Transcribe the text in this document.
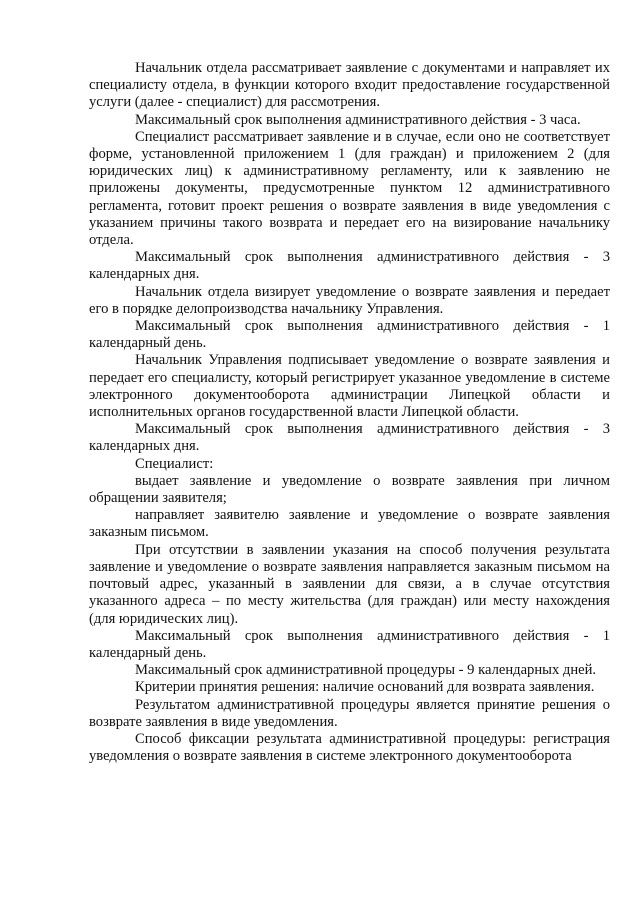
Начальник отдела рассматривает заявление с документами и направляет их специалисту отдела, в функции которого входит предоставление государственной услуги (далее - специалист) для рассмотрения.

Максимальный срок выполнения административного действия - 3 часа.

Специалист рассматривает заявление и в случае, если оно не соответствует форме, установленной приложением 1 (для граждан) и приложением 2 (для юридических лиц) к административному регламенту, или к заявлению не приложены документы, предусмотренные пунктом 12 административного регламента, готовит проект решения о возврате заявления в виде уведомления с указанием причины такого возврата и передает его на визирование начальнику отдела.

Максимальный срок выполнения административного действия - 3 календарных дня.

Начальник отдела визирует уведомление о возврате заявления и передает его в порядке делопроизводства начальнику Управления.

Максимальный срок выполнения административного действия - 1 календарный день.

Начальник Управления подписывает уведомление о возврате заявления и передает его специалисту, который регистрирует указанное уведомление в системе электронного документооборота администрации Липецкой области и исполнительных органов государственной власти Липецкой области.

Максимальный срок выполнения административного действия - 3 календарных дня.

Специалист:

выдает заявление и уведомление о возврате заявления при личном обращении заявителя;

направляет заявителю заявление и уведомление о возврате заявления заказным письмом.

При отсутствии в заявлении указания на способ получения результата заявление и уведомление о возврате заявления направляется заказным письмом на почтовый адрес, указанный в заявлении для связи, а в случае отсутствия указанного адреса – по месту жительства (для граждан) или месту нахождения (для юридических лиц).

Максимальный срок выполнения административного действия - 1 календарный день.

Максимальный срок административной процедуры - 9 календарных дней.

Критерии принятия решения: наличие оснований для возврата заявления.

Результатом административной процедуры является принятие решения о возврате заявления в виде уведомления.

Способ фиксации результата административной процедуры: регистрация уведомления о возврате заявления в системе электронного документооборота
